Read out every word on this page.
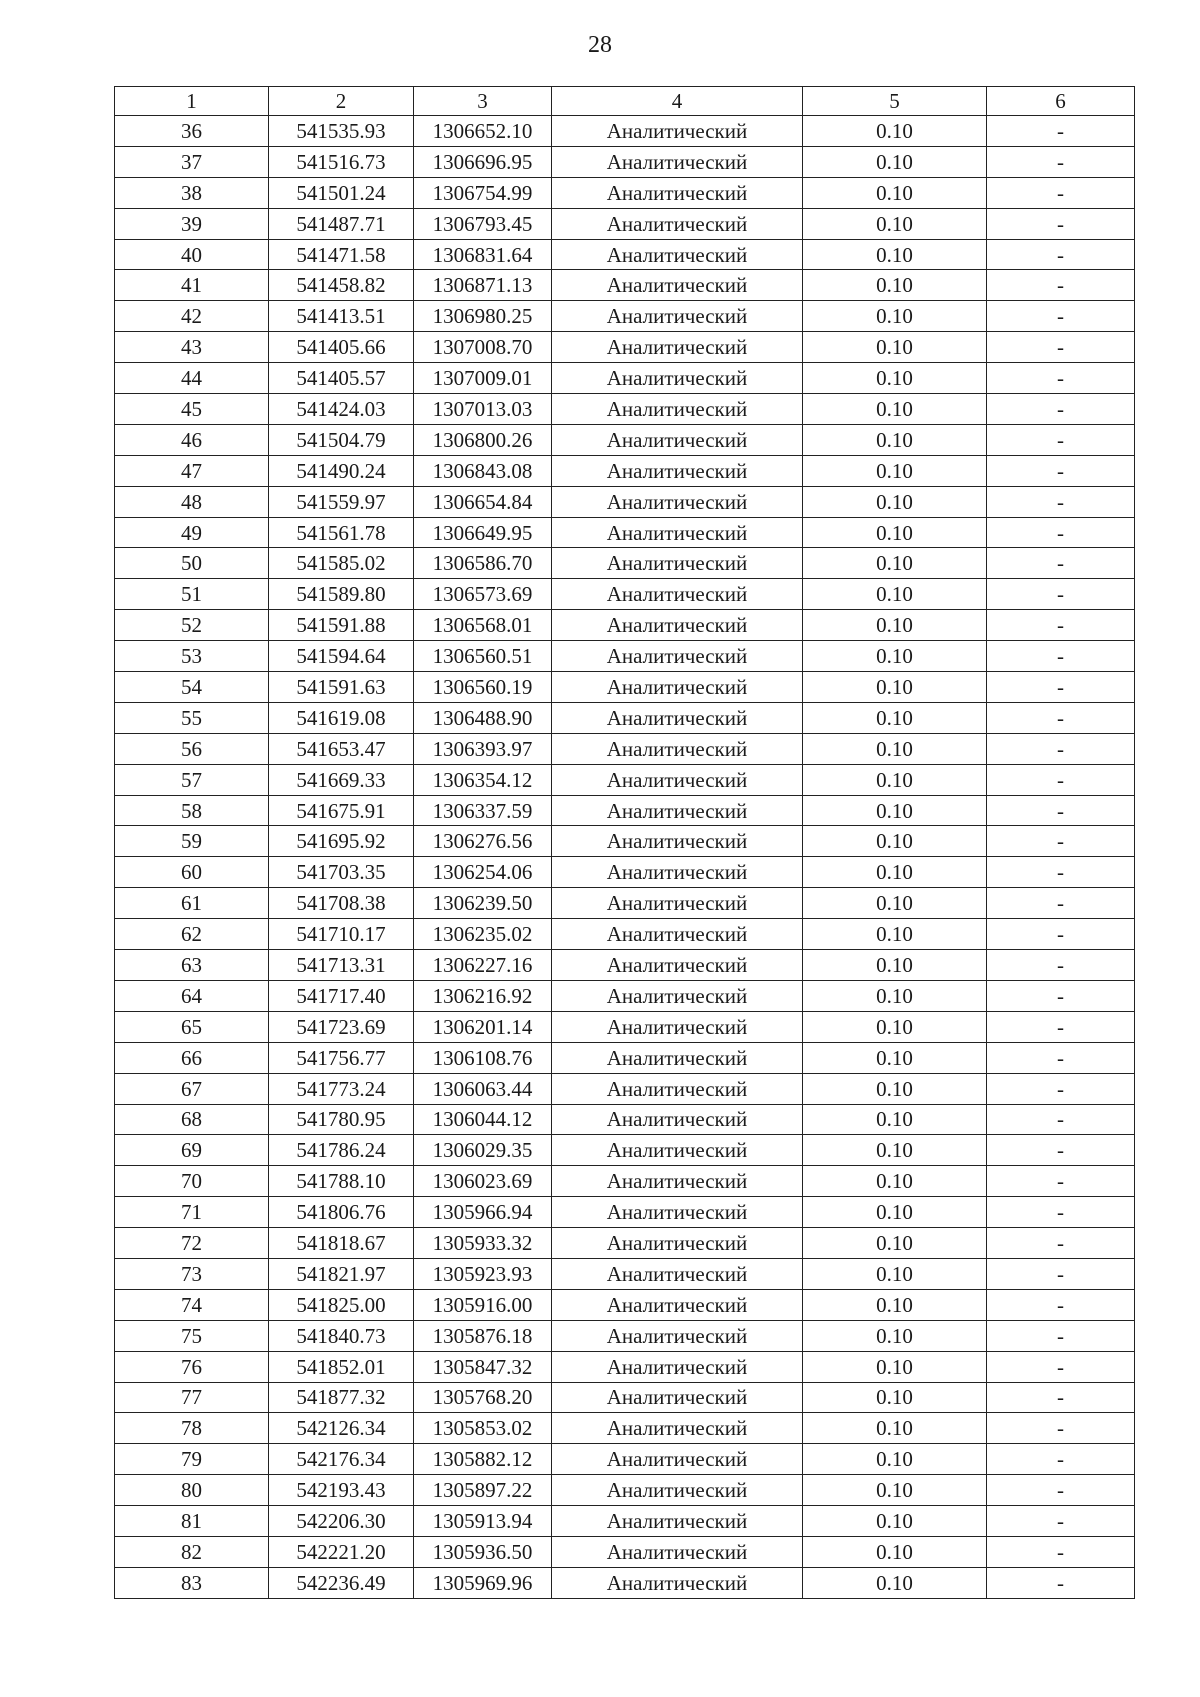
28
1	2	3	4	5	6
36	541535.93	1306652.10	Аналитический	0.10	-
37	541516.73	1306696.95	Аналитический	0.10	-
38	541501.24	1306754.99	Аналитический	0.10	-
39	541487.71	1306793.45	Аналитический	0.10	-
40	541471.58	1306831.64	Аналитический	0.10	-
41	541458.82	1306871.13	Аналитический	0.10	-
42	541413.51	1306980.25	Аналитический	0.10	-
43	541405.66	1307008.70	Аналитический	0.10	-
44	541405.57	1307009.01	Аналитический	0.10	-
45	541424.03	1307013.03	Аналитический	0.10	-
46	541504.79	1306800.26	Аналитический	0.10	-
47	541490.24	1306843.08	Аналитический	0.10	-
48	541559.97	1306654.84	Аналитический	0.10	-
49	541561.78	1306649.95	Аналитический	0.10	-
50	541585.02	1306586.70	Аналитический	0.10	-
51	541589.80	1306573.69	Аналитический	0.10	-
52	541591.88	1306568.01	Аналитический	0.10	-
53	541594.64	1306560.51	Аналитический	0.10	-
54	541591.63	1306560.19	Аналитический	0.10	-
55	541619.08	1306488.90	Аналитический	0.10	-
56	541653.47	1306393.97	Аналитический	0.10	-
57	541669.33	1306354.12	Аналитический	0.10	-
58	541675.91	1306337.59	Аналитический	0.10	-
59	541695.92	1306276.56	Аналитический	0.10	-
60	541703.35	1306254.06	Аналитический	0.10	-
61	541708.38	1306239.50	Аналитический	0.10	-
62	541710.17	1306235.02	Аналитический	0.10	-
63	541713.31	1306227.16	Аналитический	0.10	-
64	541717.40	1306216.92	Аналитический	0.10	-
65	541723.69	1306201.14	Аналитический	0.10	-
66	541756.77	1306108.76	Аналитический	0.10	-
67	541773.24	1306063.44	Аналитический	0.10	-
68	541780.95	1306044.12	Аналитический	0.10	-
69	541786.24	1306029.35	Аналитический	0.10	-
70	541788.10	1306023.69	Аналитический	0.10	-
71	541806.76	1305966.94	Аналитический	0.10	-
72	541818.67	1305933.32	Аналитический	0.10	-
73	541821.97	1305923.93	Аналитический	0.10	-
74	541825.00	1305916.00	Аналитический	0.10	-
75	541840.73	1305876.18	Аналитический	0.10	-
76	541852.01	1305847.32	Аналитический	0.10	-
77	541877.32	1305768.20	Аналитический	0.10	-
78	542126.34	1305853.02	Аналитический	0.10	-
79	542176.34	1305882.12	Аналитический	0.10	-
80	542193.43	1305897.22	Аналитический	0.10	-
81	542206.30	1305913.94	Аналитический	0.10	-
82	542221.20	1305936.50	Аналитический	0.10	-
83	542236.49	1305969.96	Аналитический	0.10	-
